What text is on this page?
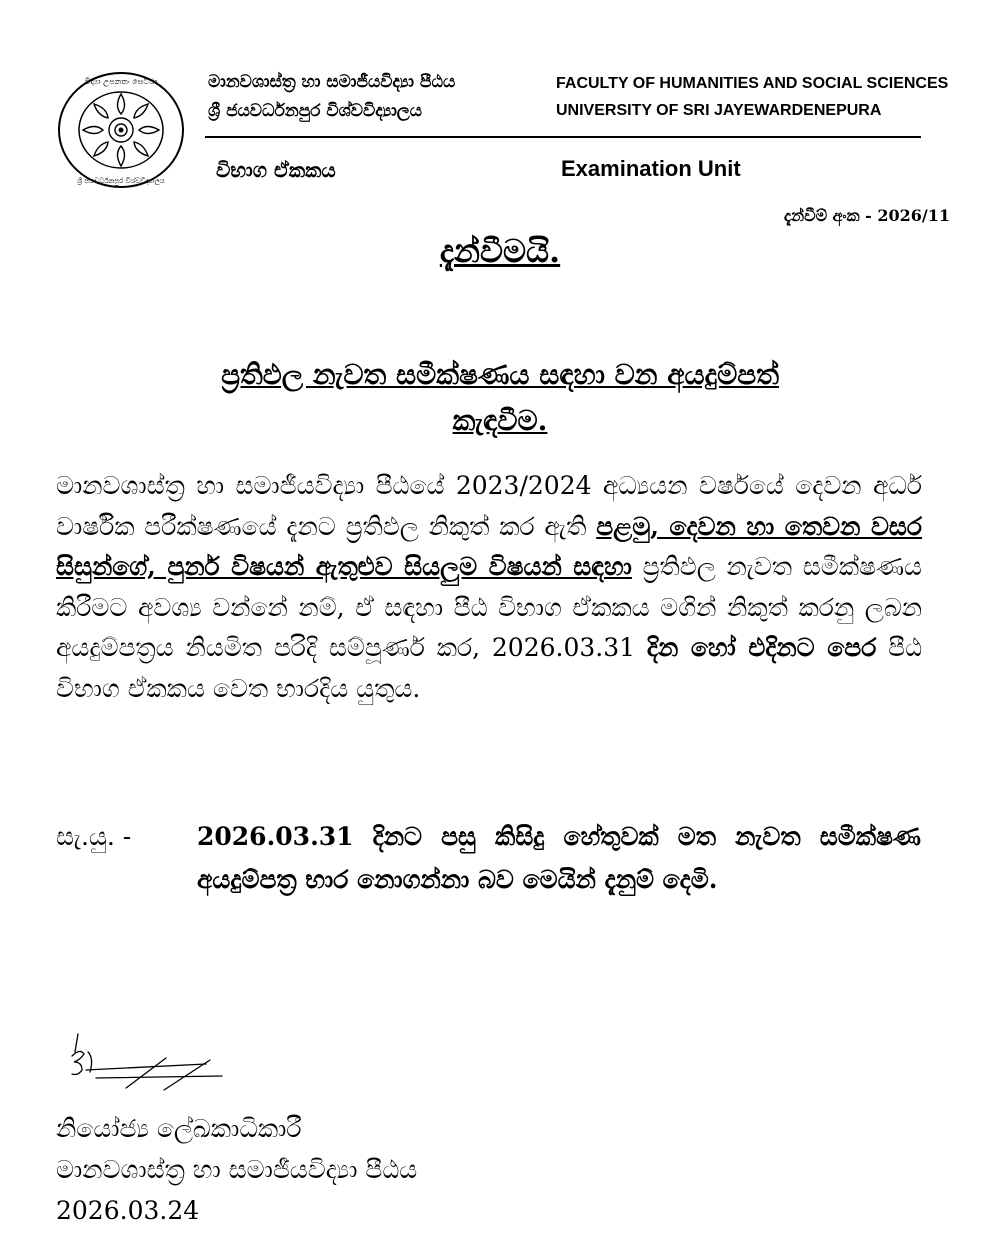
විද්‍යා උපනතං සෙට්ඨා
ශ්‍රී ජයවර්ධනපුර විශ්වවිද්‍යාලය
මානවශාස්ත්‍ර හා සමාජීයවිද්‍යා පීඨය
ශ්‍රී ජයවර්ධනපුර විශ්වවිද්‍යාලය
FACULTY OF HUMANITIES AND SOCIAL SCIENCES
UNIVERSITY OF SRI JAYEWARDENEPURA
විභාග ඒකකය	Examination Unit
දැන්වීම් අංක - 2026/11
දැන්වීමයි.
ප්‍රතිඵල නැවත සමීක්ෂණය සඳහා වන අයදුම්පත්
කැඳවීම.
මානවශාස්ත්‍ර හා සමාජීයවිද්‍යා පීඨයේ 2023/2024 අධ්‍යයන වර්ෂයේ දෙවන අර්ධ වාර්ෂික පරීක්ෂණයේ දැනට ප්‍රතිඵල නිකුත් කර ඇති පළමු, දෙවන හා තෙවන වසර සිසුන්ගේ, පුනර් විෂයන් ඇතුළුව සියලුම විෂයන් සඳහා ප්‍රතිඵල නැවත සමීක්ෂණය කිරීමට අවශ්‍ය වන්නේ නම්, ඒ සඳහා පීඨ විභාග ඒකකය මගින් නිකුත් කරනු ලබන අයදුම්පත්‍රය නියමිත පරිදි සම්පූර්ණ කර, 2026.03.31 දින හෝ එදිනට පෙර පීඨ විභාග ඒකකය වෙත භාරදිය යුතුය.
සැ.යු. -	2026.03.31 දිනට පසු කිසිදු හේතුවක් මත නැවත සමීක්ෂණ අයදුම්පත්‍ර භාර නොගන්නා බව මෙයින් දැනුම් දෙමි.
නියෝජ්‍ය ලේඛකාධිකාරී
මානවශාස්ත්‍ර හා සමාජීයවිද්‍යා පීඨය
2026.03.24
